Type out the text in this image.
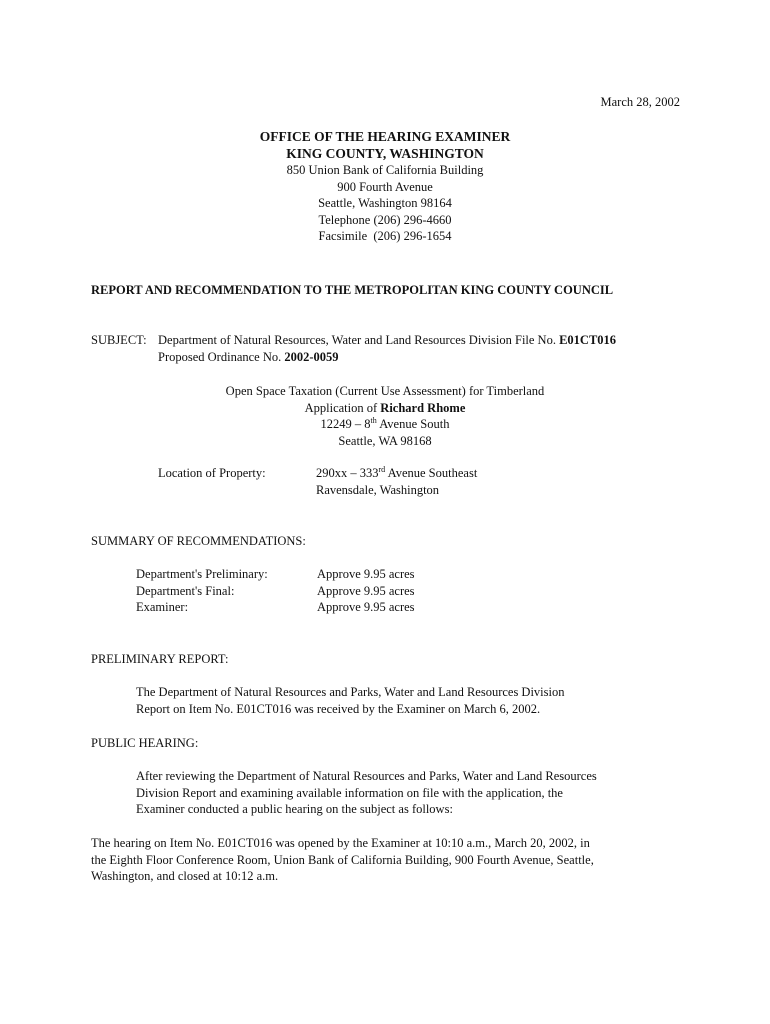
March 28, 2002
OFFICE OF THE HEARING EXAMINER
KING COUNTY, WASHINGTON
850 Union Bank of California Building
900 Fourth Avenue
Seattle, Washington 98164
Telephone (206) 296-4660
Facsimile  (206) 296-1654
REPORT AND RECOMMENDATION TO THE METROPOLITAN KING COUNTY COUNCIL
SUBJECT: Department of Natural Resources, Water and Land Resources Division File No. E01CT016
Proposed Ordinance No. 2002-0059
Open Space Taxation (Current Use Assessment) for Timberland
Application of Richard Rhome
12249 – 8th Avenue South
Seattle, WA 98168
Location of Property:	290xx – 333rd Avenue Southeast
Ravensdale, Washington
SUMMARY OF RECOMMENDATIONS:
Department's Preliminary:	Approve 9.95 acres
Department's Final:	Approve 9.95 acres
Examiner:	Approve 9.95 acres
PRELIMINARY REPORT:
The Department of Natural Resources and Parks, Water and Land Resources Division
Report on Item No. E01CT016 was received by the Examiner on March 6, 2002.
PUBLIC HEARING:
After reviewing the Department of Natural Resources and Parks, Water and Land Resources
Division Report and examining available information on file with the application, the
Examiner conducted a public hearing on the subject as follows:
The hearing on Item No. E01CT016 was opened by the Examiner at 10:10 a.m., March 20, 2002, in
the Eighth Floor Conference Room, Union Bank of California Building, 900 Fourth Avenue, Seattle,
Washington, and closed at 10:12 a.m.
